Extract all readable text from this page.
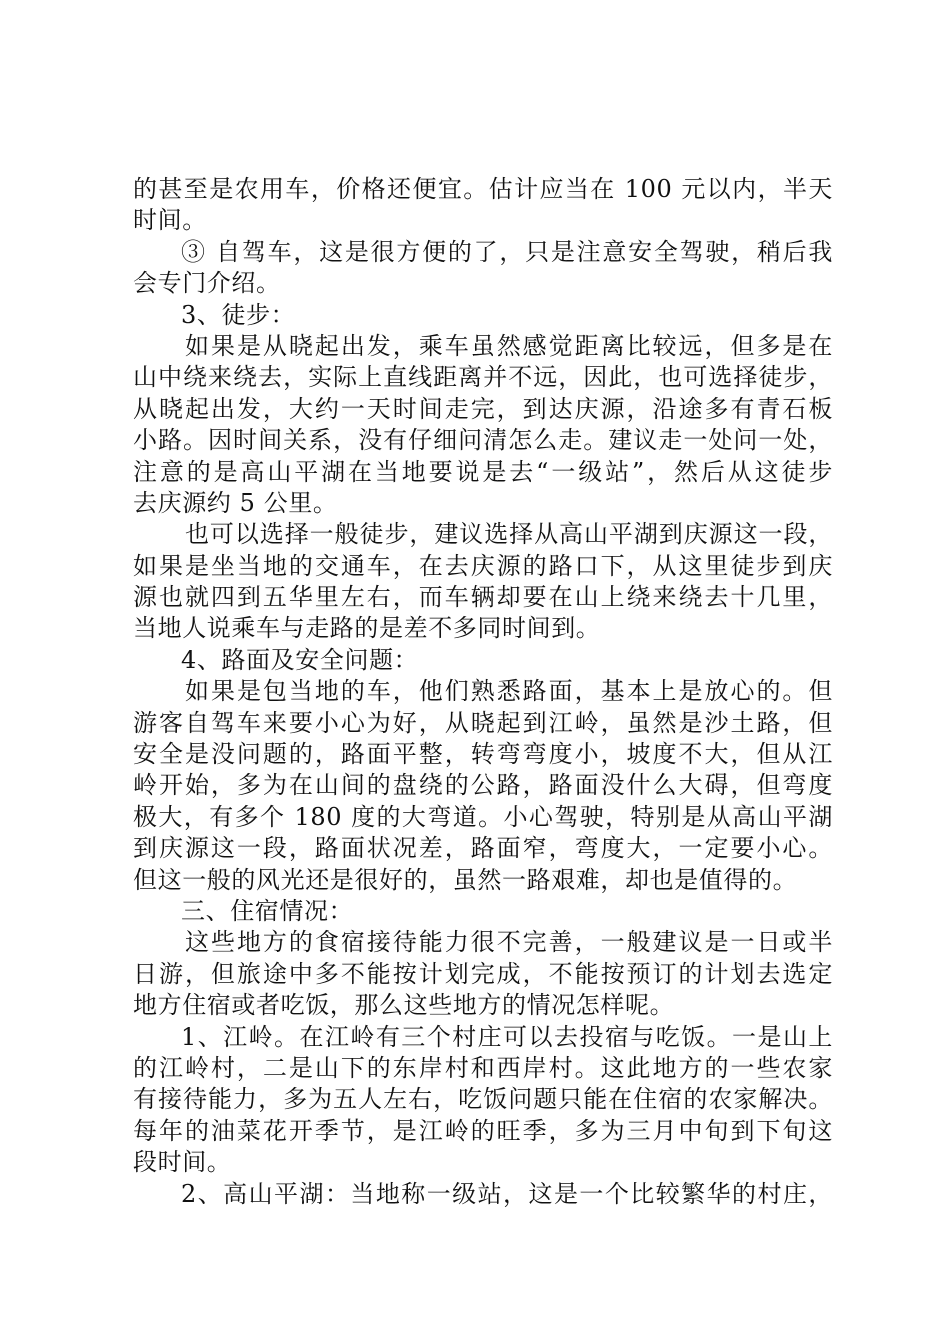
的甚至是农用车，价格还便宜。估计应当在 100 元以内，半天
时间。
③ 自驾车，这是很方便的了，只是注意安全驾驶，稍后我
会专门介绍。
3、徒步：
如果是从晓起出发，乘车虽然感觉距离比较远，但多是在
山中绕来绕去，实际上直线距离并不远，因此，也可选择徒步，
从晓起出发，大约一天时间走完，到达庆源，沿途多有青石板
小路。因时间关系，没有仔细问清怎么走。建议走一处问一处，
注意的是高山平湖在当地要说是去“一级站”，然后从这徒步
去庆源约 5 公里。
也可以选择一般徒步，建议选择从高山平湖到庆源这一段，
如果是坐当地的交通车，在去庆源的路口下，从这里徒步到庆
源也就四到五华里左右，而车辆却要在山上绕来绕去十几里，
当地人说乘车与走路的是差不多同时间到。
4、路面及安全问题：
如果是包当地的车，他们熟悉路面，基本上是放心的。但
游客自驾车来要小心为好，从晓起到江岭，虽然是沙土路，但
安全是没问题的，路面平整，转弯弯度小，坡度不大，但从江
岭开始，多为在山间的盘绕的公路，路面没什么大碍，但弯度
极大，有多个 180 度的大弯道。小心驾驶，特别是从高山平湖
到庆源这一段，路面状况差，路面窄，弯度大，一定要小心。
但这一般的风光还是很好的，虽然一路艰难，却也是值得的。
三、住宿情况：
这些地方的食宿接待能力很不完善，一般建议是一日或半
日游，但旅途中多不能按计划完成，不能按预订的计划去选定
地方住宿或者吃饭，那么这些地方的情况怎样呢。
1、江岭。在江岭有三个村庄可以去投宿与吃饭。一是山上
的江岭村，二是山下的东岸村和西岸村。这此地方的一些农家
有接待能力，多为五人左右，吃饭问题只能在住宿的农家解决。
每年的油菜花开季节，是江岭的旺季，多为三月中旬到下旬这
段时间。
2、高山平湖：当地称一级站，这是一个比较繁华的村庄，
